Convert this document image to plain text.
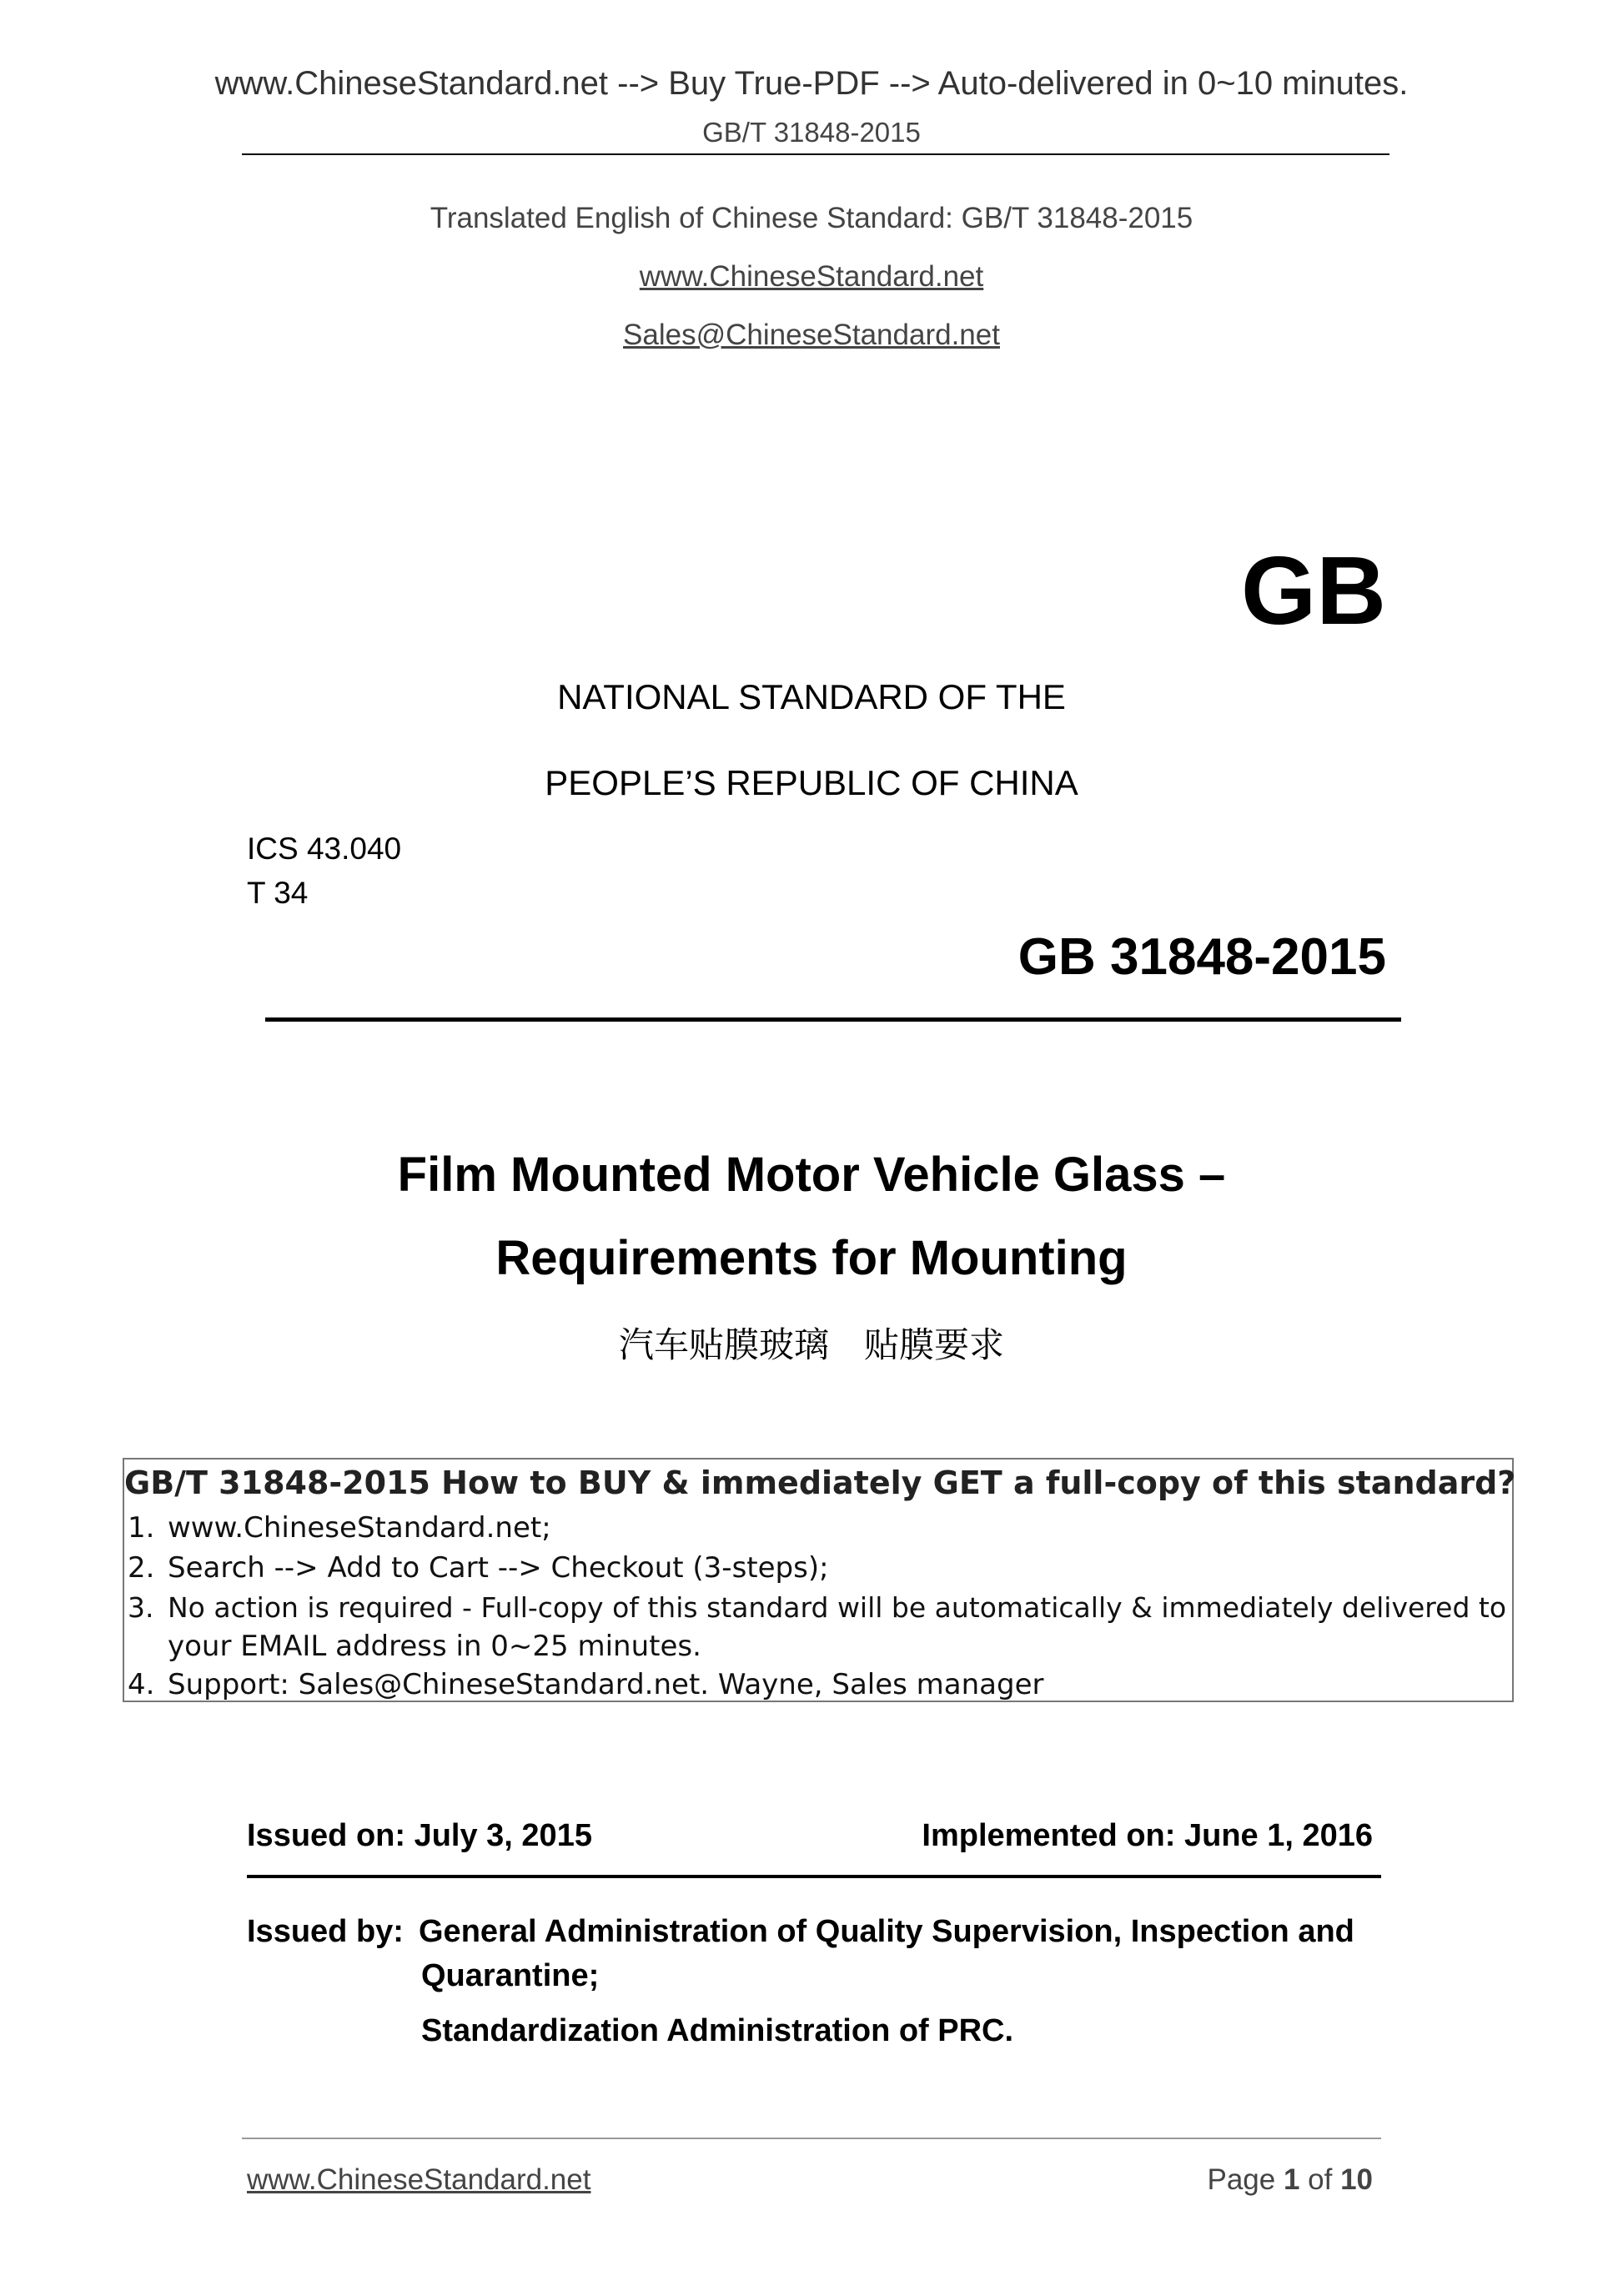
www.ChineseStandard.net --> Buy True-PDF --> Auto-delivered in 0~10 minutes.
GB/T 31848-2015
Translated English of Chinese Standard: GB/T 31848-2015
www.ChineseStandard.net
Sales@ChineseStandard.net
GB
NATIONAL STANDARD OF THE
PEOPLE’S REPUBLIC OF CHINA
ICS 43.040
T 34
GB 31848-2015
Film Mounted Motor Vehicle Glass –
Requirements for Mounting
汽车贴膜玻璃　贴膜要求
GB/T 31848-2015 How to BUY & immediately GET a full-copy of this standard?
1. www.ChineseStandard.net;
2. Search --> Add to Cart --> Checkout (3-steps);
3. No action is required - Full-copy of this standard will be automatically & immediately delivered to
your EMAIL address in 0~25 minutes.
4. Support: Sales@ChineseStandard.net. Wayne, Sales manager
Issued on: July 3, 2015	Implemented on: June 1, 2016
Issued by: General Administration of Quality Supervision, Inspection and
Quarantine;
Standardization Administration of PRC.
www.ChineseStandard.net	Page 1 of 10
